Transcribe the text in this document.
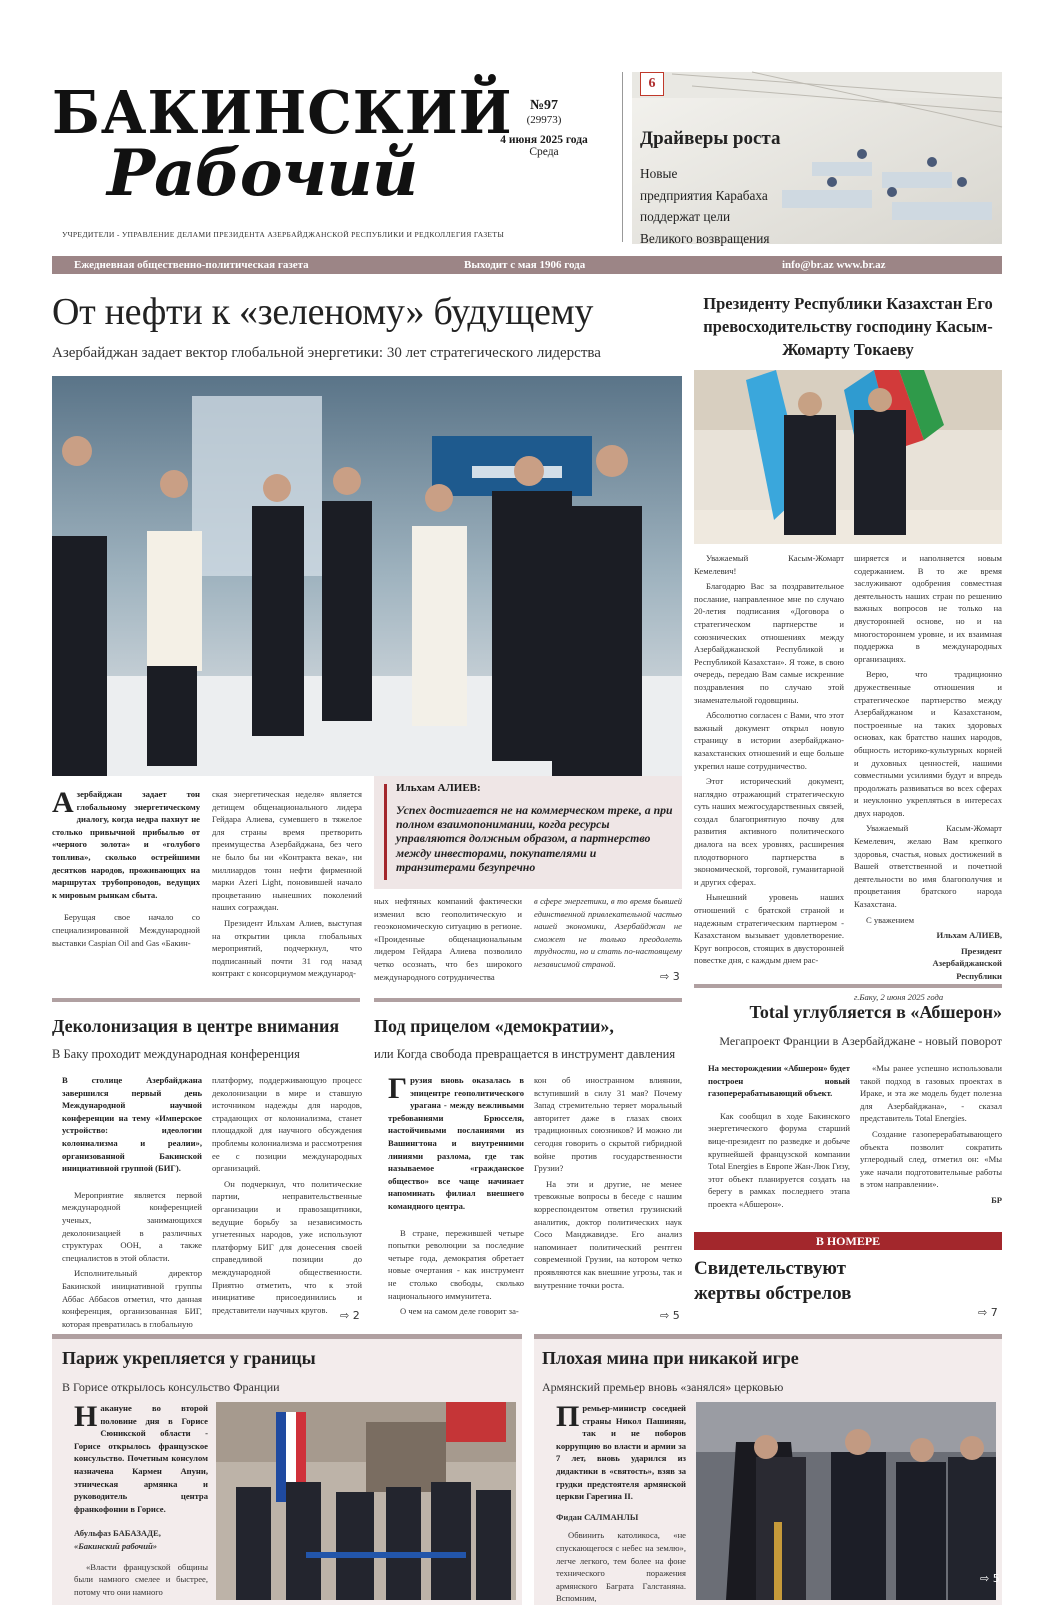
БАКИНСКИЙ
Рабочий
№97
(29973)
4 июня 2025 года
Среда
УЧРЕДИТЕЛИ - УПРАВЛЕНИЕ ДЕЛАМИ ПРЕЗИДЕНТА АЗЕРБАЙДЖАНСКОЙ РЕСПУБЛИКИ И РЕДКОЛЛЕГИЯ ГАЗЕТЫ
6
Драйверы роста
Новые
предприятия Карабаха
поддержат цели
Великого возвращения
Ежедневная общественно-политическая газета	Выходит с мая 1906 года	info@br.az www.br.az
От нефти к «зеленому» будущему
Азербайджан задает вектор глобальной энергетики: 30 лет стратегического лидерства

Азербайджан задает тон глобальному энергетическому диалогу, когда недра пахнут не столько привычной прибылью от «черного золота» и «голубого топлива», сколько острейшими десятков народов, проживающих на маршрутах трубопроводов, ведущих к мировым рынкам сбыта.

Берущая свое начало со специализированной Международной выставки Caspian Oil and Gas «Бакин-

ская энергетическая неделя» является детищем общенационального лидера Гейдара Алиева, сумевшего в тяжелое для страны время претворить преимущества Азербайджана, без чего не было бы ни «Контракта века», ни миллиардов тонн нефти фирменной марки Azeri Light, поновившей начало процветанию нынешних поколений наших сограждан.

Президент Ильхам Алиев, выступая на открытии цикла глобальных мероприятий, подчеркнул, что подписанный почти 31 год назад контракт с консорциумом международ-

Ильхам АЛИЕВ:
Успех достигается не на коммерческом треке, а при полном взаимопонимании, когда ресурсы управляются должным образом, а партнерство между инвесторами, покупателями и транзитерами безупречно

ных нефтяных компаний фактически изменил всю геополитическую и геоэкономическую ситуацию в регионе. «Проиденные общенациональным лидером Гейдара Алиева позволило четко осознать, что без широкого международного сотрудничества

в сфере энергетики, в то время бывшей единственной привлекательной частью нашей экономики, Азербайджан не сможет не только преодолеть трудности, но и стать по-настоящему независимой страной.

⇨ 3
Президенту Республики Казахстан Его превосходительству господину Касым-Жомарту Токаеву

Уважаемый Касым-Жомарт Кемелевич!

Благодарю Вас за поздравительное послание, направленное мне по случаю 20-летия подписания «Договора о стратегическом партнерстве и союзнических отношениях между Азербайджанской Республикой и Республикой Казахстан». Я тоже, в свою очередь, передаю Вам самые искренние поздравления по случаю этой знаменательной годовщины.

Абсолютно согласен с Вами, что этот важный документ открыл новую страницу в истории азербайджано-казахстанских отношений и еще больше укрепил наше сотрудничество.

Этот исторический документ, наглядно отражающий стратегическую суть наших межгосударственных связей, создал благоприятную почву для развития активного политического диалога на всех уровнях, расширения плодотворного партнерства в экономической, торговой, гуманитарной и других сферах.

Нынешний уровень наших отношений с братской страной и надежным стратегическим партнером - Казахстаном вызывает удовлетворение. Круг вопросов, стоящих в двусторонней повестке дня, с каждым днем рас-

ширяется и наполняется новым содержанием. В то же время заслуживают одобрения совместная деятельность наших стран по решению важных вопросов не только на двусторонней основе, но и на многостороннем уровне, и их взаимная поддержка в международных организациях.

Верю, что традиционно дружественные отношения и стратегическое партнерство между Азербайджаном и Казахстаном, построенные на таких здоровых основах, как братство наших народов, общность историко-культурных корней и духовных ценностей, нашими совместными усилиями будут и впредь продолжать развиваться во всех сферах и неуклонно укрепляться в интересах двух народов.

Уважаемый Касым-Жомарт Кемелевич, желаю Вам крепкого здоровья, счастья, новых достижений в Вашей ответственной и почетной деятельности во имя благополучия и процветания братского народа Казахстана.

С уважением

Ильхам АЛИЕВ,

Президент

Азербайджанской

Республики

г.Баку, 2 июня 2025 года

Деколонизация в центре внимания
В Баку проходит международная конференция

В столице Азербайджана завершился первый день Международной научной конференции на тему «Имперское устройство: идеологии колониализма и реалии», организованной Бакинской инициативной группой (БИГ).

Мероприятие является первой международной конференцией ученых, занимающихся деколонизацией в различных структурах ООН, а также специалистов в этой области.

Исполнительный директор Бакинской инициативной группы Аббас Аббасов отметил, что данная конференция, организованная БИГ, которая превратилась в глобальную

платформу, поддерживающую процесс деколонизации в мире и ставшую источником надежды для народов, страдающих от колониализма, станет площадкой для научного обсуждения проблемы колониализма и рассмотрения ее с позиции международных организаций.

Он подчеркнул, что политические партии, неправительственные организации и правозащитники, ведущие борьбу за независимость угнетенных народов, уже используют платформу БИГ для донесения своей справедливой позиции до международной общественности. Приятно отметить, что к этой инициативе присоединились и представители научных кругов.	⇨ 2
Под прицелом «демократии»,
или Когда свобода превращается в инструмент давления

Грузия вновь оказалась в эпицентре геополитического урагана - между вежливыми требованиями Брюсселя, настойчивыми посланиями из Вашингтона и внутренними линиями разлома, где так называемое «гражданское общество» все чаще начинает напоминать филиал внешнего командного центра.

В стране, пережившей четыре попытки революции за последние четыре года, демократия обретает новые очертания - как инструмент не столько свободы, сколько национального иммунитета.

О чем на самом деле говорит за-

кон об иностранном влиянии, вступивший в силу 31 мая? Почему Запад стремительно теряет моральный авторитет даже в глазах своих традиционных союзников? И можно ли сегодня говорить о скрытой гибридной войне против государственности Грузии?

На эти и другие, не менее тревожные вопросы в беседе с нашим корреспондентом ответил грузинский аналитик, доктор политических наук Сосо Манджавидзе. Его анализ напоминает политический рентген современной Грузии, на котором четко проявляются как внешние угрозы, так и внутренние точки роста.

⇨ 5
Total углубляется в «Абшерон»
Мегапроект Франции в Азербайджане - новый поворот

На месторождении «Абшерон» будет построен новый газоперерабатывающий объект.

Как сообщил в ходе Бакинского энергетического форума старший вице-президент по разведке и добыче крупнейшей французской компании Total Energies в Европе Жан-Люк Гизу, этот объект планируется создать на берегу в рамках последнего этапа проекта «Абшерон».

«Мы ранее успешно использовали такой подход в газовых проектах в Ираке, и эта же модель будет полезна для Азербайджана», - сказал представитель Total Energies.

Создание газоперерабатывающего объекта позволит сократить углеродный след, отметил он: «Мы уже начали подготовительные работы в этом направлении».

БР

В НОМЕРЕ
Свидетельствуют жертвы обстрелов
⇨ 7
Париж укрепляется у границы
В Горисе открылось консульство Франции

Накануне во второй половине дня в Горисе Сюникской области - Горисе открылось французское консульство. Почетным консулом назначена Кармен Апуни, этническая армянка и руководитель центра франкофонии в Горисе.

Абульфаз БАБАЗАДЕ,

«Бакинский рабочий»

«Власти французской общины были намного смелее и быстрее, потому что они намного

Плохая мина при никакой игре
Армянский премьер вновь «занялся» церковью

Премьер-министр соседней страны Никол Пашинян, так и не поборов коррупцию во власти и армии за 7 лет, вновь ударился из дидактики в «святость», взяв за грудки предстоятеля армянской церкви Гарегина II.

Фидан САЛМАНЛЫ

Обвинить католикоса, «не спускающегося с небес на землю», легче легкого, тем более на фоне технического поражения армянского Баграта Галстаняна. Вспомним,

⇨ 5
